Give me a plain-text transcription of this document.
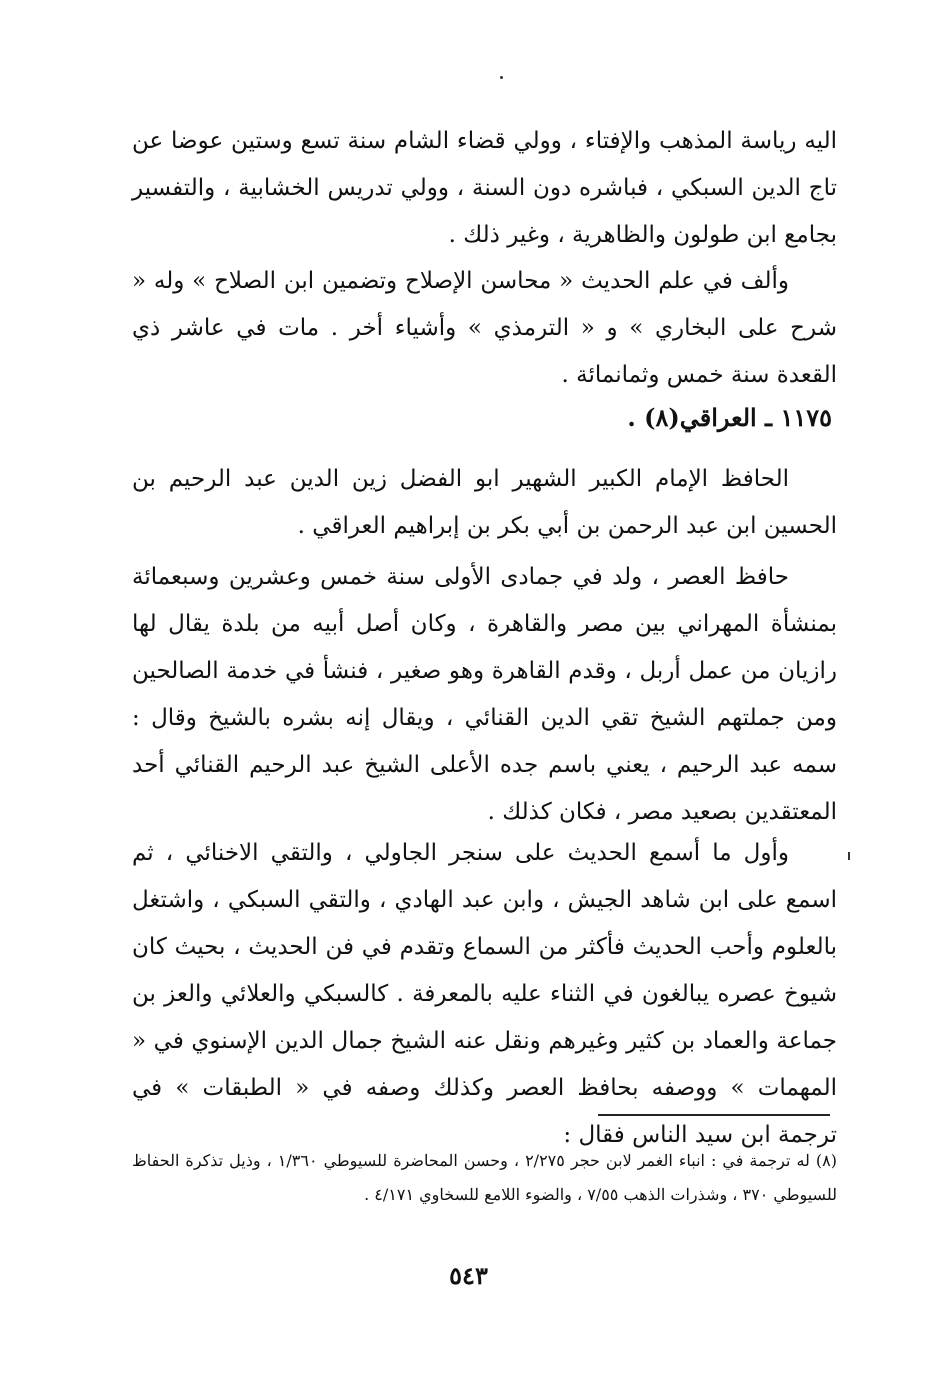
اليه رياسة المذهب والإفتاء ، وولي قضاء الشام سنة تسع وستين عوضا عن تاج الدين السبكي ، فباشره دون السنة ، وولي تدريس الخشابية ، والتفسير بجامع ابن طولون والظاهرية ، وغير ذلك .

وألف في علم الحديث « محاسن الإصلاح وتضمين ابن الصلاح » وله « شرح على البخاري » و « الترمذي » وأشياء أخر . مات في عاشر ذي القعدة سنة خمس وثمانمائة .

١١٧٥ ـ العراقي(٨) .

الحافظ الإمام الكبير الشهير ابو الفضل زين الدين عبد الرحيم بن الحسين ابن عبد الرحمن بن أبي بكر بن إبراهيم العراقي .

حافظ العصر ، ولد في جمادى الأولى سنة خمس وعشرين وسبعمائة بمنشأة المهراني بين مصر والقاهرة ، وكان أصل أبيه من بلدة يقال لها رازيان من عمل أربل ، وقدم القاهرة وهو صغير ، فنشأ في خدمة الصالحين ومن جملتهم الشيخ تقي الدين القنائي ، ويقال إنه بشره بالشيخ وقال : سمه عبد الرحيم ، يعني باسم جده الأعلى الشيخ عبد الرحيم القنائي أحد المعتقدين بصعيد مصر ، فكان كذلك .

وأول ما أسمع الحديث على سنجر الجاولي ، والتقي الاخنائي ، ثم اسمع على ابن شاهد الجيش ، وابن عبد الهادي ، والتقي السبكي ، واشتغل بالعلوم وأحب الحديث فأكثر من السماع وتقدم في فن الحديث ، بحيث كان شيوخ عصره يبالغون في الثناء عليه بالمعرفة . كالسبكي والعلائي والعز بن جماعة والعماد بن كثير وغيرهم ونقل عنه الشيخ جمال الدين الإسنوي في « المهمات » ووصفه بحافظ العصر وكذلك وصفه في « الطبقات » في ترجمة ابن سيد الناس فقال :

(٨) له ترجمة في : انباء الغمر لابن حجر ٢/٢٧٥ ، وحسن المحاضرة للسيوطي ١/٣٦٠ ، وذيل تذكرة الحفاظ للسيوطي ٣٧٠ ، وشذرات الذهب ٧/٥٥ ، والضوء اللامع للسخاوي ٤/١٧١ .

٥٤٣
